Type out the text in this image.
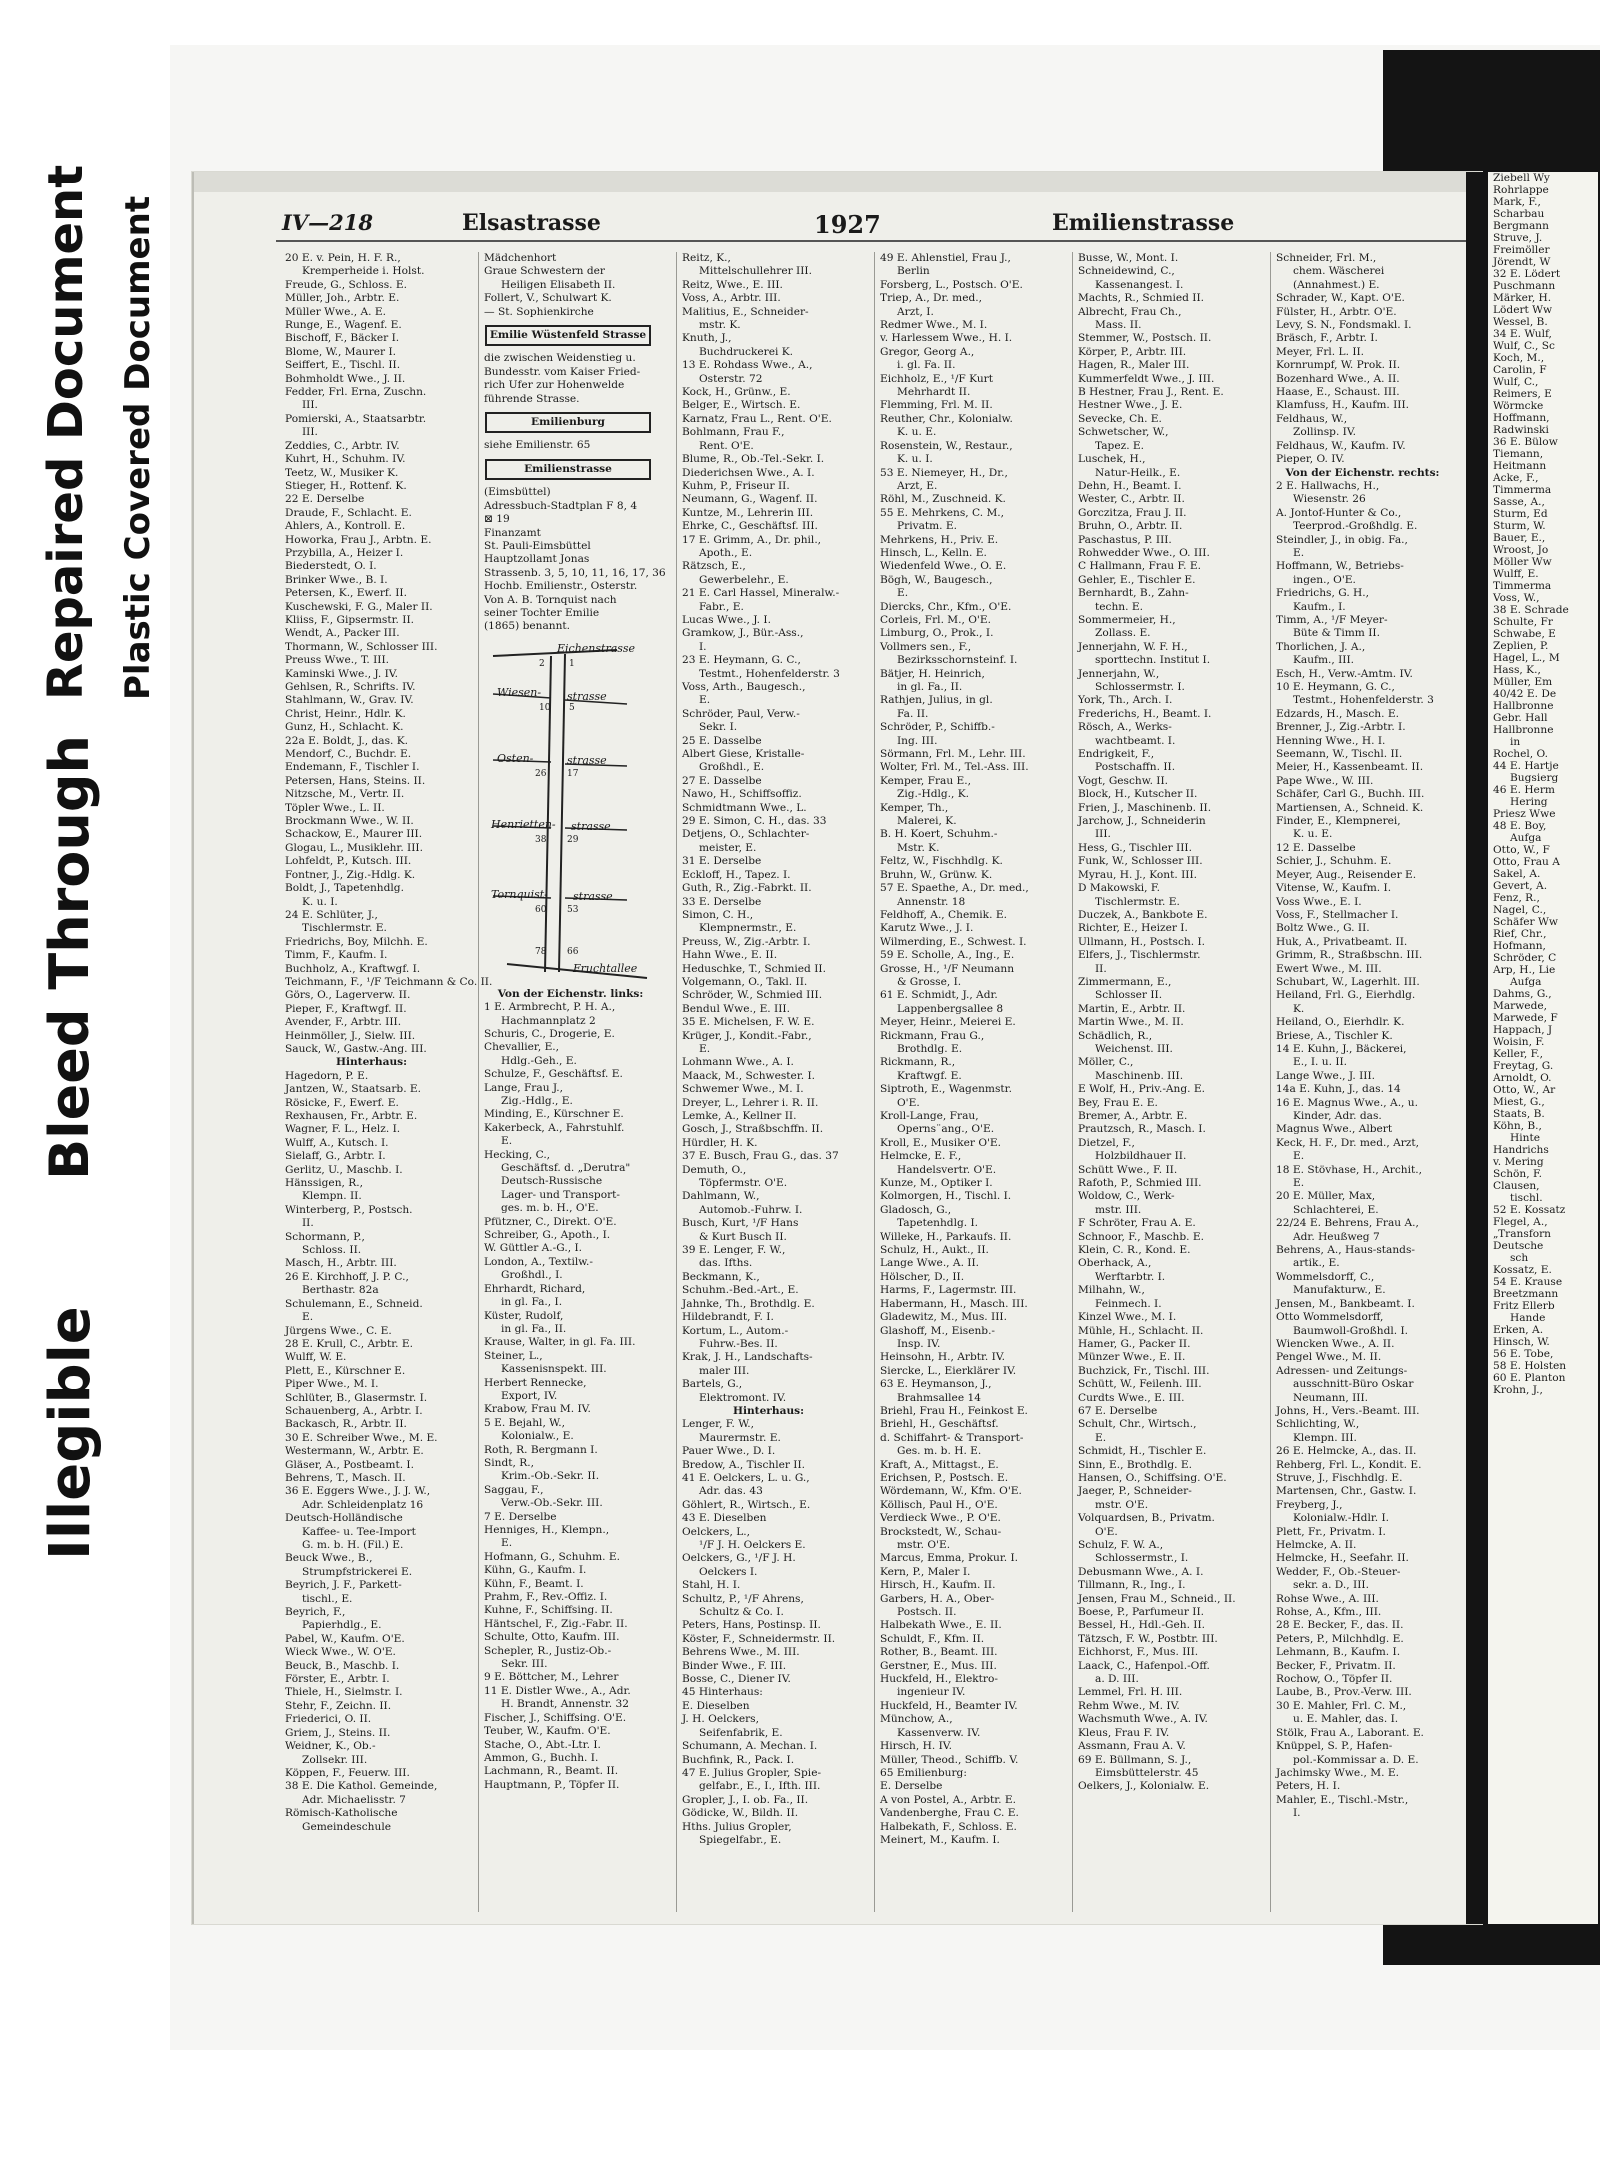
Illegible
Bleed Through
Repaired Document Plastic Covered Document	IV—218	Elsastrasse	1927	Emilienstrasse
20 E. v. Pein, H. F. R.,
Kremperheide i. Holst.
Freude, G., Schloss. E.
Müller, Joh., Arbtr. E.
Müller Wwe., A. E.
Runge, E., Wagenf. E.
Bischoff, F., Bäcker I.
Blome, W., Maurer I.
Seiffert, E., Tischl. II.
Bohmholdt Wwe., J. II.
Fedder, Frl. Erna, Zuschn.
III.
Pomierski, A., Staatsarbtr.
III.
Zeddies, C., Arbtr. IV.
Kuhrt, H., Schuhm. IV.
Teetz, W., Musiker K.
Stieger, H., Rottenf. K.
22 E. Derselbe
Draude, F., Schlacht. E.
Ahlers, A., Kontroll. E.
Howorka, Frau J., Arbtn. E.
Przybilla, A., Heizer I.
Biederstedt, O. I.
Brinker Wwe., B. I.
Petersen, K., Ewerf. II.
Kuschewski, F. G., Maler II.
Kliiss, F., Gipsermstr. II.
Wendt, A., Packer III.
Thormann, W., Schlosser III.
Preuss Wwe., T. III.
Kaminski Wwe., J. IV.
Gehlsen, R., Schrifts. IV.
Stahlmann, W., Grav. IV.
Christ, Heinr., Hdlr. K.
Gunz, H., Schlacht. K.
22a E. Boldt, J., das. K.
Mendorf, C., Buchdr. E.
Endemann, F., Tischler I.
Petersen, Hans, Steins. II.
Nitzsche, M., Vertr. II.
Töpler Wwe., L. II.
Brockmann Wwe., W. II.
Schackow, E., Maurer III.
Glogau, L., Musiklehr. III.
Lohfeldt, P., Kutsch. III.
Fontner, J., Zig.-Hdlg. K.
Boldt, J., Tapetenhdlg.
K. u. I.
24 E. Schlüter, J.,
Tischlermstr. E.
Friedrichs, Boy, Milchh. E.
Timm, F., Kaufm. I.
Buchholz, A., Kraftwgf. I.
Teichmann, F., ¹/F Teichmann & Co. II.
Görs, O., Lagerverw. II.
Pieper, F., Kraftwgf. II.
Avender, F., Arbtr. III.
Heinmöller, J., Sielw. III.
Sauck, W., Gastw.-Ang. III.
Hinterhaus:
Hagedorn, P. E.
Jantzen, W., Staatsarb. E.
Rösicke, F., Ewerf. E.
Rexhausen, Fr., Arbtr. E.
Wagner, F. L., Helz. I.
Wulff, A., Kutsch. I.
Sielaff, G., Arbtr. I.
Gerlitz, U., Maschb. I.
Hänssigen, R.,
Klempn. II.
Winterberg, P., Postsch.
II.
Schormann, P.,
Schloss. II.
Masch, H., Arbtr. III.
26 E. Kirchhoff, J. P. C.,
Berthastr. 82a
Schulemann, E., Schneid.
E.
Jürgens Wwe., C. E.
28 E. Krull, C., Arbtr. E.
Wulff, W. E.
Plett, E., Kürschner E.
Piper Wwe., M. I.
Schlüter, B., Glasermstr. I.
Schauenberg, A., Arbtr. I.
Backasch, R., Arbtr. II.
30 E. Schreiber Wwe., M. E.
Westermann, W., Arbtr. E.
Gläser, A., Postbeamt. I.
Behrens, T., Masch. II.
36 E. Eggers Wwe., J. J. W.,
Adr. Schleidenplatz 16
Deutsch-Holländische
Kaffee- u. Tee-Import
G. m. b. H. (Fil.) E.
Beuck Wwe., B.,
Strumpfstrickerei E.
Beyrich, J. F., Parkett-
tischl., E.
Beyrich, F.,
Papierhdlg., E.
Pabel, W., Kaufm. O'E.
Wieck Wwe., W. O'E.
Beuck, B., Maschb. I.
Förster, E., Arbtr. I.
Thiele, H., Sielmstr. I.
Stehr, F., Zeichn. II.
Friederici, O. II.
Griem, J., Steins. II.
Weidner, K., Ob.-
Zollsekr. III.
Köppen, F., Feuerw. III.
38 E. Die Kathol. Gemeinde,
Adr. Michaelisstr. 7
Römisch-Katholische
Gemeindeschule
Mädchenhort
Graue Schwestern der
Heiligen Elisabeth II.
Follert, V., Schulwart K.
— St. Sophienkirche
Emilie Wüstenfeld Strasse
die zwischen Weidenstieg u.
Bundesstr. vom Kaiser Fried-
rich Ufer zur Hohenwelde
führende Strasse.
Emilienburg
siehe Emilienstr. 65
Emilienstrasse
(Eimsbüttel)
Adressbuch-Stadtplan F 8, 4
⊠ 19
Finanzamt
St. Pauli-Eimsbüttel
Hauptzollamt Jonas
Strassenb. 3, 5, 10, 11, 16, 17, 36
Hochb. Emilienstr., Osterstr.
Von A. B. Tornquist nach
seiner Tochter Emilie
(1865) benannt.
Eichenstrasse
Wiesen- strasse
Osten-	strasse
Henrietten- strasse
Tornquist- strasse
Fruchtallee
2	1
10 5
26 17
38 29
60 53
78 66
Von der Eichenstr. links:
1 E. Armbrecht, P. H. A.,
Hachmannplatz 2
Schuris, C., Drogerie, E.
Chevallier, E.,
Hdlg.-Geh., E.
Schulze, F., Geschäftsf. E.
Lange, Frau J.,
Zig.-Hdlg., E.
Minding, E., Kürschner E.
Kakerbeck, A., Fahrstuhlf.
E.
Hecking, C.,
Geschäftsf. d. „Derutra"
Deutsch-Russische
Lager- und Transport-
ges. m. b. H., O'E.
Pfützner, C., Direkt. O'E.
Schreiber, G., Apoth., I.
W. Güttler A.-G., I.
London, A., Textilw.-
Großhdl., I.
Ehrhardt, Richard,
in gl. Fa., I.
Küster, Rudolf,
in gl. Fa., II.
Krause, Walter, in gl. Fa. III.
Steiner, L.,
Kassenisnspekt. III.
Herbert Rennecke,
Export, IV.
Krabow, Frau M. IV.
5 E. Bejahl, W.,
Kolonialw., E.
Roth, R. Bergmann I.
Sindt, R.,
Krim.-Ob.-Sekr. II.
Saggau, F.,
Verw.-Ob.-Sekr. III.
7 E. Derselbe
Henniges, H., Klempn.,
E.
Hofmann, G., Schuhm. E.
Kühn, G., Kaufm. I.
Kühn, F., Beamt. I.
Prahm, F., Rev.-Offiz. I.
Kuhne, F., Schiffsing. II.
Häntschel, F., Zig.-Fabr. II.
Schulte, Otto, Kaufm. III.
Schepler, R., Justiz-Ob.-
Sekr. III.
9 E. Böttcher, M., Lehrer
11 E. Distler Wwe., A., Adr.
H. Brandt, Annenstr. 32
Fischer, J., Schiffsing. O'E.
Teuber, W., Kaufm. O'E.
Stache, O., Abt.-Ltr. I.
Ammon, G., Buchh. I.
Lachmann, R., Beamt. II.
Hauptmann, P., Töpfer II.
Reitz, K.,
Mittelschullehrer III.
Reitz, Wwe., E. III.
Voss, A., Arbtr. III.
Malitius, E., Schneider-
mstr. K.
Knuth, J.,
Buchdruckerei K.
13 E. Rohdass Wwe., A.,
Osterstr. 72
Kock, H., Grünw., E.
Belger, E., Wirtsch. E.
Karnatz, Frau L., Rent. O'E.
Bohlmann, Frau F.,
Rent. O'E.
Blume, R., Ob.-Tel.-Sekr. I.
Diederichsen Wwe., A. I.
Kuhm, P., Friseur II.
Neumann, G., Wagenf. II.
Kuntze, M., Lehrerin III.
Ehrke, C., Geschäftsf. III.
17 E. Grimm, A., Dr. phil.,
Apoth., E.
Rätzsch, E.,
Gewerbelehr., E.
21 E. Carl Hassel, Mineralw.-
Fabr., E.
Lucas Wwe., J. I.
Gramkow, J., Bür.-Ass.,
I.
23 E. Heymann, G. C.,
Testmt., Hohenfelderstr. 3
Voss, Arth., Baugesch.,
E.
Schröder, Paul, Verw.-
Sekr. I.
25 E. Dasselbe
Albert Giese, Kristalle-
Großhdl., E.
27 E. Dasselbe
Nawo, H., Schiffsoffiz.
Schmidtmann Wwe., L.
29 E. Simon, C. H., das. 33
Detjens, O., Schlachter-
meister, E.
31 E. Derselbe
Eckloff, H., Tapez. I.
Guth, R., Zig.-Fabrkt. II.
33 E. Derselbe
Simon, C. H.,
Klempnermstr., E.
Preuss, W., Zig.-Arbtr. I.
Hahn Wwe., E. II.
Heduschke, T., Schmied II.
Volgemann, O., Takl. II.
Schröder, W., Schmied III.
Bendul Wwe., E. III.
35 E. Michelsen, F. W. E.
Krüger, J., Kondit.-Fabr.,
E.
Lohmann Wwe., A. I.
Maack, M., Schwester. I.
Schwemer Wwe., M. I.
Dreyer, L., Lehrer i. R. II.
Lemke, A., Kellner II.
Gosch, J., Straßbschffn. II.
Hürdler, H. K.
37 E. Busch, Frau G., das. 37
Demuth, O.,
Töpfermstr. O'E.
Dahlmann, W.,
Automob.-Fuhrw. I.
Busch, Kurt, ¹/F Hans
& Kurt Busch II.
39 E. Lenger, F. W.,
das. Ifths.
Beckmann, K.,
Schuhm.-Bed.-Art., E.
Jahnke, Th., Brothdlg. E.
Hildebrandt, F. I.
Kortum, L., Autom.-
Fuhrw.-Bes. II.
Krak, J. H., Landschafts-
maler III.
Bartels, G.,
Elektromont. IV.
Hinterhaus:
Lenger, F. W.,
Maurermstr. E.
Pauer Wwe., D. I.
Bredow, A., Tischler II.
41 E. Oelckers, L. u. G.,
Adr. das. 43
Göhlert, R., Wirtsch., E.
43 E. Dieselben
Oelckers, L.,
¹/F J. H. Oelckers E.
Oelckers, G., ¹/F J. H.
Oelckers I.
Stahl, H. I.
Schultz, P., ¹/F Ahrens,
Schultz & Co. I.
Peters, Hans, Postinsp. II.
Köster, F., Schneidermstr. II.
Behrens Wwe., M. III.
Binder Wwe., F. III.
Bosse, C., Diener IV.
45 Hinterhaus:
E. Dieselben
J. H. Oelckers,
Seifenfabrik, E.
Schumann, A. Mechan. I.
Buchfink, R., Pack. I.
47 E. Julius Gropler, Spie-
gelfabr., E., I., Ifth. III.
Gropler, J., I. ob. Fa., II.
Gödicke, W., Bildh. II.
Hths. Julius Gropler,
Spiegelfabr., E.
49 E. Ahlenstiel, Frau J.,
Berlin
Forsberg, L., Postsch. O'E.
Triep, A., Dr. med.,
Arzt, I.
Redmer Wwe., M. I.
v. Harlessem Wwe., H. I.
Gregor, Georg A.,
i. gl. Fa. II.
Eichholz, E., ¹/F Kurt
Mehrhardt II.
Flemming, Frl. M. II.
Reuther, Chr., Kolonialw.
K. u. E.
Rosenstein, W., Restaur.,
K. u. I.
53 E. Niemeyer, H., Dr.,
Arzt, E.
Röhl, M., Zuschneid. K.
55 E. Mehrkens, C. M.,
Privatm. E.
Mehrkens, H., Priv. E.
Hinsch, L., Kelln. E.
Wiedenfeld Wwe., O. E.
Bögh, W., Baugesch.,
E.
Diercks, Chr., Kfm., O'E.
Corleis, Frl. M., O'E.
Limburg, O., Prok., I.
Vollmers sen., F.,
Bezirksschornsteinf. I.
Bätjer, H. Heinrich,
in gl. Fa., II.
Rathjen, Julius, in gl.
Fa. II.
Schröder, P., Schiffb.-
Ing. III.
Sörmann, Frl. M., Lehr. III.
Wolter, Frl. M., Tel.-Ass. III.
Kemper, Frau E.,
Zig.-Hdlg., K.
Kemper, Th.,
Malerei, K.
B. H. Koert, Schuhm.-
Mstr. K.
Feltz, W., Fischhdlg. K.
Bruhn, W., Grünw. K.
57 E. Spaethe, A., Dr. med.,
Annenstr. 18
Feldhoff, A., Chemik. E.
Karutz Wwe., J. I.
Wilmerding, E., Schwest. I.
59 E. Scholle, A., Ing., E.
Grosse, H., ¹/F Neumann
& Grosse, I.
61 E. Schmidt, J., Adr.
Lappenbergsallee 8
Meyer, Heinr., Meierei E.
Rickmann, Frau G.,
Brothdlg. E.
Rickmann, R.,
Kraftwgf. E.
Siptroth, E., Wagenmstr.
O'E.
Kroll-Lange, Frau,
Operns¨ang., O'E.
Kroll, E., Musiker O'E.
Helmcke, E. F.,
Handelsvertr. O'E.
Kunze, M., Optiker I.
Kolmorgen, H., Tischl. I.
Gladosch, G.,
Tapetenhdlg. I.
Willeke, H., Parkaufs. II.
Schulz, H., Aukt., II.
Lange Wwe., A. II.
Hölscher, D., II.
Harms, F., Lagermstr. III.
Habermann, H., Masch. III.
Gladewitz, M., Mus. III.
Glashoff, M., Eisenb.-
Insp. IV.
Heinsohn, H., Arbtr. IV.
Siercke, L., Eierklärer IV.
63 E. Heymanson, J.,
Brahmsallee 14
Briehl, Frau H., Feinkost E.
Briehl, H., Geschäftsf.
d. Schiffahrt- & Transport-
Ges. m. b. H. E.
Kraft, A., Mittagst., E.
Erichsen, P., Postsch. E.
Wördemann, W., Kfm. O'E.
Köllisch, Paul H., O'E.
Verdieck Wwe., P. O'E.
Brockstedt, W., Schau-
mstr. O'E.
Marcus, Emma, Prokur. I.
Kern, P., Maler I.
Hirsch, H., Kaufm. II.
Garbers, H. A., Ober-
Postsch. II.
Halbekath Wwe., E. II.
Schuldt, F., Kfm. II.
Rother, B., Beamt. III.
Gerstner, E., Mus. III.
Huckfeld, H., Elektro-
ingenieur IV.
Huckfeld, H., Beamter IV.
Münchow, A.,
Kassenverw. IV.
Hirsch, H. IV.
Müller, Theod., Schiffb. V.
65 Emilienburg:
E. Derselbe
A von Postel, A., Arbtr. E.
Vandenberghe, Frau C. E.
Halbekath, F., Schloss. E.
Meinert, M., Kaufm. I.
Busse, W., Mont. I.
Schneidewind, C.,
Kassenangest. I.
Machts, R., Schmied II.
Albrecht, Frau Ch.,
Mass. II.
Stemmer, W., Postsch. II.
Körper, P., Arbtr. III.
Hagen, R., Maler III.
Kummerfeldt Wwe., J. III.
B Hestner, Frau J., Rent. E.
Hestner Wwe., J. E.
Sevecke, Ch. E.
Schwetscher, W.,
Tapez. E.
Luschek, H.,
Natur-Heilk., E.
Dehn, H., Beamt. I.
Wester, C., Arbtr. II.
Gorczitza, Frau J. II.
Bruhn, O., Arbtr. II.
Paschastus, P. III.
Rohwedder Wwe., O. III.
C Hallmann, Frau F. E.
Gehler, E., Tischler E.
Bernhardt, B., Zahn-
techn. E.
Sommermeier, H.,
Zollass. E.
Jennerjahn, W. F. H.,
sporttechn. Institut I.
Jennerjahn, W.,
Schlossermstr. I.
York, Th., Arch. I.
Frederichs, H., Beamt. I.
Rösch, A., Werks-
wachtbeamt. I.
Endrigkeit, F.,
Postschaffn. II.
Vogt, Geschw. II.
Block, H., Kutscher II.
Frien, J., Maschinenb. II.
Jarchow, J., Schneiderin
III.
Hess, G., Tischler III.
Funk, W., Schlosser III.
Myrau, H. J., Kont. III.
D Makowski, F.
Tischlermstr. E.
Duczek, A., Bankbote E.
Richter, E., Heizer I.
Ullmann, H., Postsch. I.
Elfers, J., Tischlermstr.
II.
Zimmermann, E.,
Schlosser II.
Martin, E., Arbtr. II.
Martin Wwe., M. II.
Schädlich, R.,
Weichenst. III.
Möller, C.,
Maschinenb. III.
E Wolf, H., Priv.-Ang. E.
Bey, Frau E. E.
Bremer, A., Arbtr. E.
Prautzsch, R., Masch. I.
Dietzel, F.,
Holzbildhauer II.
Schütt Wwe., F. II.
Rafoth, P., Schmied III.
Woldow, C., Werk-
mstr. III.
F Schröter, Frau A. E.
Schnoor, F., Maschb. E.
Klein, C. R., Kond. E.
Oberhack, A.,
Werftarbtr. I.
Milhahn, W.,
Feinmech. I.
Kinzel Wwe., M. I.
Mühle, H., Schlacht. II.
Hamer, G., Packer II.
Münzer Wwe., E. II.
Buchzick, Fr., Tischl. III.
Schütt, W., Feilenh. III.
Curdts Wwe., E. III.
67 E. Derselbe
Schult, Chr., Wirtsch.,
E.
Schmidt, H., Tischler E.
Sinn, E., Brothdlg. E.
Hansen, O., Schiffsing. O'E.
Jaeger, P., Schneider-
mstr. O'E.
Volquardsen, B., Privatm.
O'E.
Schulz, F. W. A.,
Schlossermstr., I.
Debusmann Wwe., A. I.
Tillmann, R., Ing., I.
Jensen, Frau M., Schneid., II.
Boese, P., Parfumeur II.
Bessel, H., Hdl.-Geh. II.
Tätzsch, F. W., Postbtr. III.
Eichhorst, F., Mus. III.
Laack, C., Hafenpol.-Off.
a. D. III.
Lemmel, Frl. H. III.
Rehm Wwe., M. IV.
Wachsmuth Wwe., A. IV.
Kleus, Frau F. IV.
Assmann, Frau A. V.
69 E. Büllmann, S. J.,
Eimsbüttelerstr. 45
Oelkers, J., Kolonialw. E.
Schneider, Frl. M.,
chem. Wäscherei
(Annahmest.) E.
Schrader, W., Kapt. O'E.
Fülster, H., Arbtr. O'E.
Levy, S. N., Fondsmakl. I.
Bräsch, F., Arbtr. I.
Meyer, Frl. L. II.
Kornrumpf, W. Prok. II.
Bozenhard Wwe., A. II.
Haase, E., Schaust. III.
Klamfuss, H., Kaufm. III.
Feldhaus, W.,
Zollinsp. IV.
Feldhaus, W., Kaufm. IV.
Pieper, O. IV.
Von der Eichenstr. rechts:
2 E. Hallwachs, H.,
Wiesenstr. 26
A. Jontof-Hunter & Co.,
Teerprod.-Großhdlg. E.
Steindler, J., in obig. Fa.,
E.
Hoffmann, W., Betriebs-
ingen., O'E.
Friedrichs, G. H.,
Kaufm., I.
Timm, A., ¹/F Meyer-
Büte & Timm II.
Thorlichen, J. A.,
Kaufm., III.
Esch, H., Verw.-Amtm. IV.
10 E. Heymann, G. C.,
Testmt., Hohenfelderstr. 3
Edzards, H., Masch. E.
Brenner, J., Zig.-Arbtr. I.
Henning Wwe., H. I.
Seemann, W., Tischl. II.
Meier, H., Kassenbeamt. II.
Pape Wwe., W. III.
Schäfer, Carl G., Buchh. III.
Martiensen, A., Schneid. K.
Finder, E., Klempnerei,
K. u. E.
12 E. Dasselbe
Schier, J., Schuhm. E.
Meyer, Aug., Reisender E.
Vitense, W., Kaufm. I.
Voss Wwe., E. I.
Voss, F., Stellmacher I.
Boltz Wwe., G. II.
Huk, A., Privatbeamt. II.
Grimm, R., Straßbschn. III.
Ewert Wwe., M. III.
Schubart, W., Lagerhlt. III.
Heiland, Frl. G., Eierhdlg.
K.
Heiland, O., Eierhdlr. K.
Briese, A., Tischler K.
14 E. Kuhn, J., Bäckerei,
E., I. u. II.
Lange Wwe., J. III.
14a E. Kuhn, J., das. 14
16 E. Magnus Wwe., A., u.
Kinder, Adr. das.
Magnus Wwe., Albert
Keck, H. F., Dr. med., Arzt,
E.
18 E. Stövhase, H., Archit.,
E.
20 E. Müller, Max,
Schlachterei, E.
22/24 E. Behrens, Frau A.,
Adr. Heußweg 7
Behrens, A., Haus-stands-
artik., E.
Wommelsdorff, C.,
Manufakturw., E.
Jensen, M., Bankbeamt. I.
Otto Wommelsdorff,
Baumwoll-Großhdl. I.
Wiencken Wwe., A. II.
Pengel Wwe., M. II.
Adressen- und Zeitungs-
ausschnitt-Büro Oskar
Neumann, III.
Johns, H., Vers.-Beamt. III.
Schlichting, W.,
Klempn. III.
26 E. Helmcke, A., das. II.
Rehberg, Frl. L., Kondit. E.
Struve, J., Fischhdlg. E.
Martensen, Chr., Gastw. I.
Freyberg, J.,
Kolonialw.-Hdlr. I.
Plett, Fr., Privatm. I.
Helmcke, A. II.
Helmcke, H., Seefahr. II.
Wedder, F., Ob.-Steuer-
sekr. a. D., III.
Rohse Wwe., A. III.
Rohse, A., Kfm., III.
28 E. Becker, F., das. II.
Peters, P., Milchhdlg. E.
Lehmann, B., Kaufm. I.
Becker, F., Privatm. II.
Rochow, O., Töpfer II.
Laube, B., Prov.-Verw. III.
30 E. Mahler, Frl. C. M.,
u. E. Mahler, das. I.
Stölk, Frau A., Laborant. E.
Knüppel, S. P., Hafen-
pol.-Kommissar a. D. E.
Jachimsky Wwe., M. E.
Peters, H. I.
Mahler, E., Tischl.-Mstr.,
I.
Ziebell Wy
Rohrlappe
Mark, F.,
Scharbau
Bergmann
Struve, J.
Freimöller
Jörendt, W
32 E. Lödert
Puschmann
Märker, H.
Lödert Ww
Wessel, B.
34 E. Wulf,
Wulf, C., Sc
Koch, M.,
Carolin, F
Wulf, C.,
Reimers, E
Wörmcke
Hoffmann,
Radwinski
36 E. Bülow
Tiemann,
Heitmann
Acke, F.,
Timmerma
Sasse, A.,
Sturm, Ed
Sturm, W.
Bauer, E.,
Wroost, Jo
Möller Ww
Wulff, E.
Timmerma
Voss, W.,
38 E. Schrade
Schulte, Fr
Schwabe, E
Zeplien, P.
Hagel, L., M
Hass, K.,
Müller, Em
40/42 E. De
Hallbronne
Gebr. Hall
Hallbronne
in
Rochel, O.
44 E. Hartje
Bugsierg
46 E. Herm
Hering
Priesz Wwe
48 E. Boy,
Aufga
Otto, W., F
Otto, Frau A
Sakel, A.
Gevert, A.
Fenz, R.,
Nagel, C.,
Schäfer Ww
Rief, Chr.,
Hofmann,
Schröder, C
Arp, H., Lie
Aufga
Dahms, G.,
Marwede,
Marwede, F
Happach, J
Woisin, F.
Keller, F.,
Freytag, G.
Arnoldt, O.
Otto, W., Ar
Miest, G.,
Staats, B.
Köhn, B.,
Hinte
Handrichs
v. Mering
Schön, F.
Clausen,
tischl.
52 E. Kossatz
Flegel, A.,
„Transforn
Deutsche
sch
Kossatz, E.
54 E. Krause
Breetzmann
Fritz Ellerb
Hande
Erken, A.
Hinsch, W.
56 E. Tobe,
58 E. Holsten
60 E. Planton
Krohn, J.,
